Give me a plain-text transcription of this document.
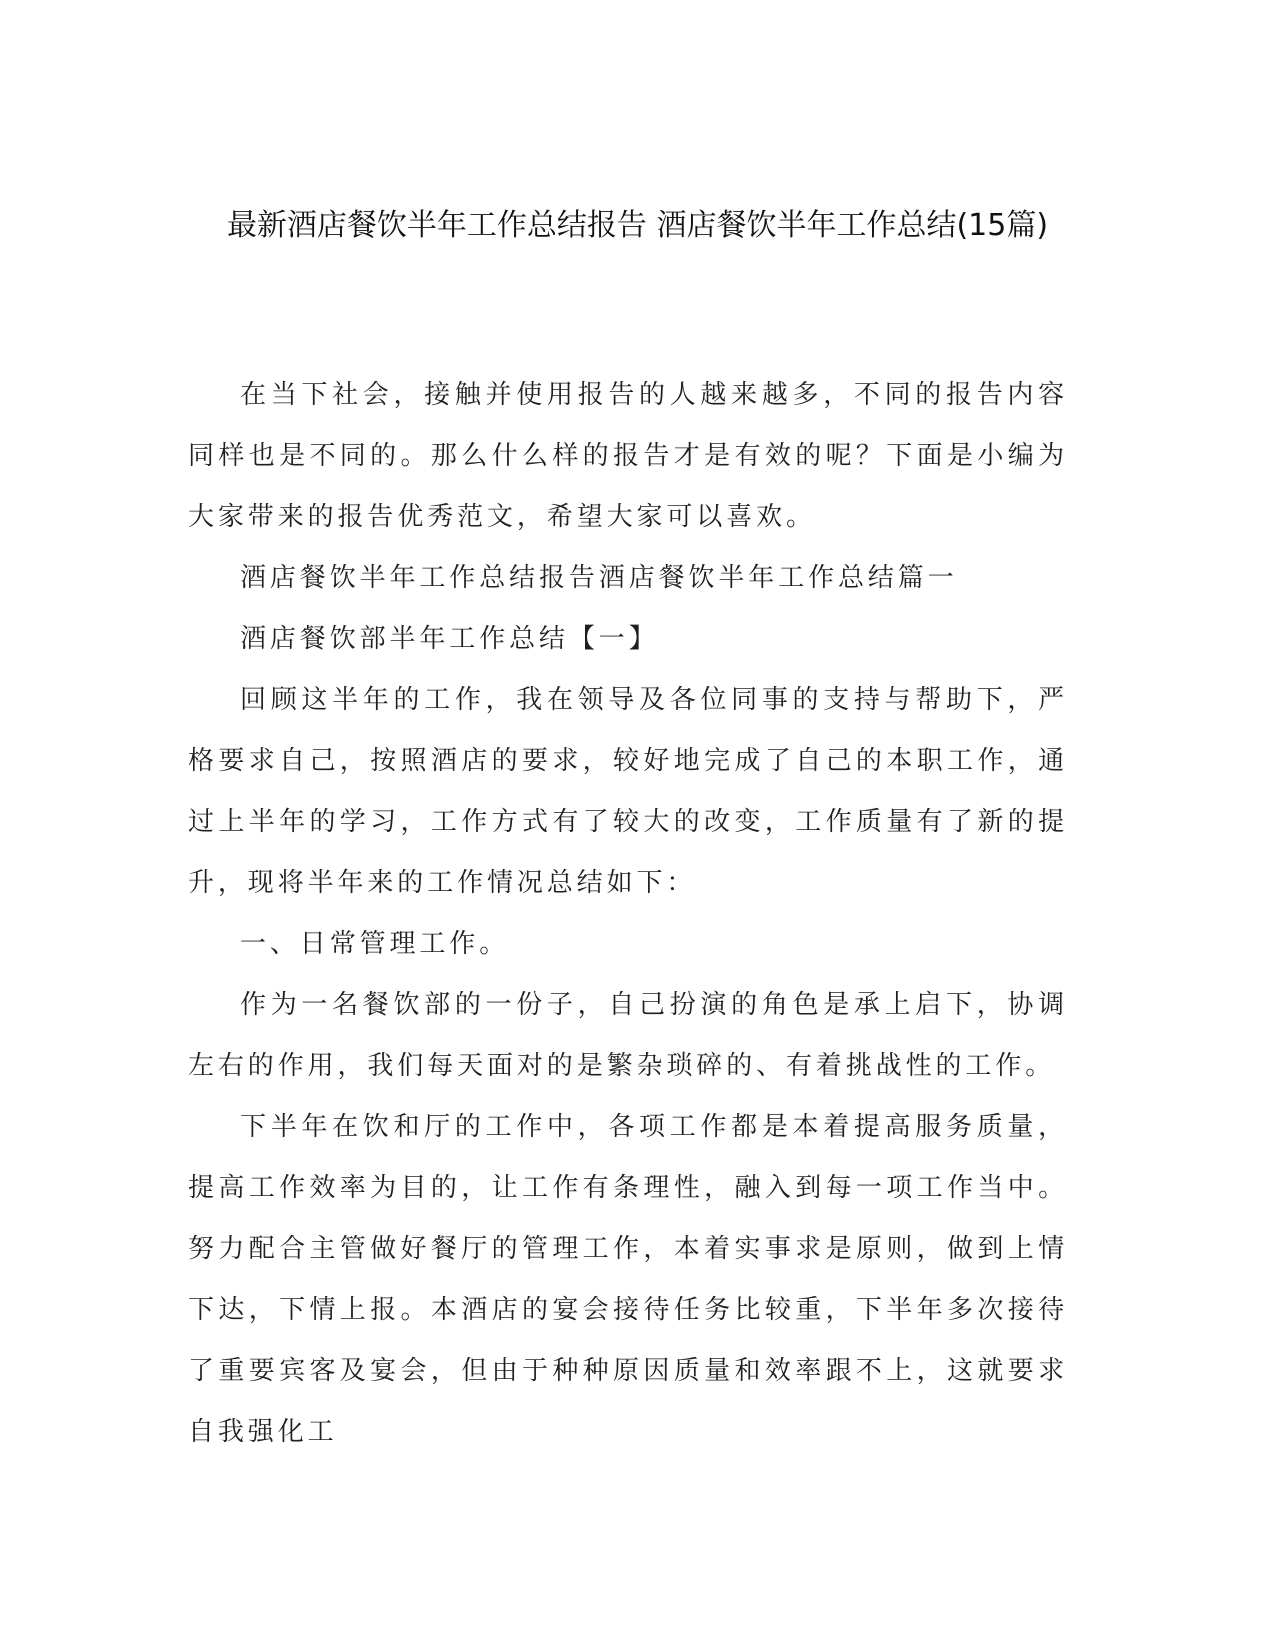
最新酒店餐饮半年工作总结报告 酒店餐饮半年工作总结(15篇)

在当下社会，接触并使用报告的人越来越多，不同的报告内容同样也是不同的。那么什么样的报告才是有效的呢？下面是小编为大家带来的报告优秀范文，希望大家可以喜欢。

酒店餐饮半年工作总结报告酒店餐饮半年工作总结篇一

酒店餐饮部半年工作总结【一】

回顾这半年的工作，我在领导及各位同事的支持与帮助下，严格要求自己，按照酒店的要求，较好地完成了自己的本职工作，通过上半年的学习，工作方式有了较大的改变，工作质量有了新的提升，现将半年来的工作情况总结如下：

一、日常管理工作。

作为一名餐饮部的一份子，自己扮演的角色是承上启下，协调左右的作用，我们每天面对的是繁杂琐碎的、有着挑战性的工作。

下半年在饮和厅的工作中，各项工作都是本着提高服务质量，提高工作效率为目的，让工作有条理性，融入到每一项工作当中。努力配合主管做好餐厅的管理工作，本着实事求是原则，做到上情下达，下情上报。本酒店的宴会接待任务比较重，下半年多次接待了重要宾客及宴会，但由于种种原因质量和效率跟不上，这就要求自我强化工
